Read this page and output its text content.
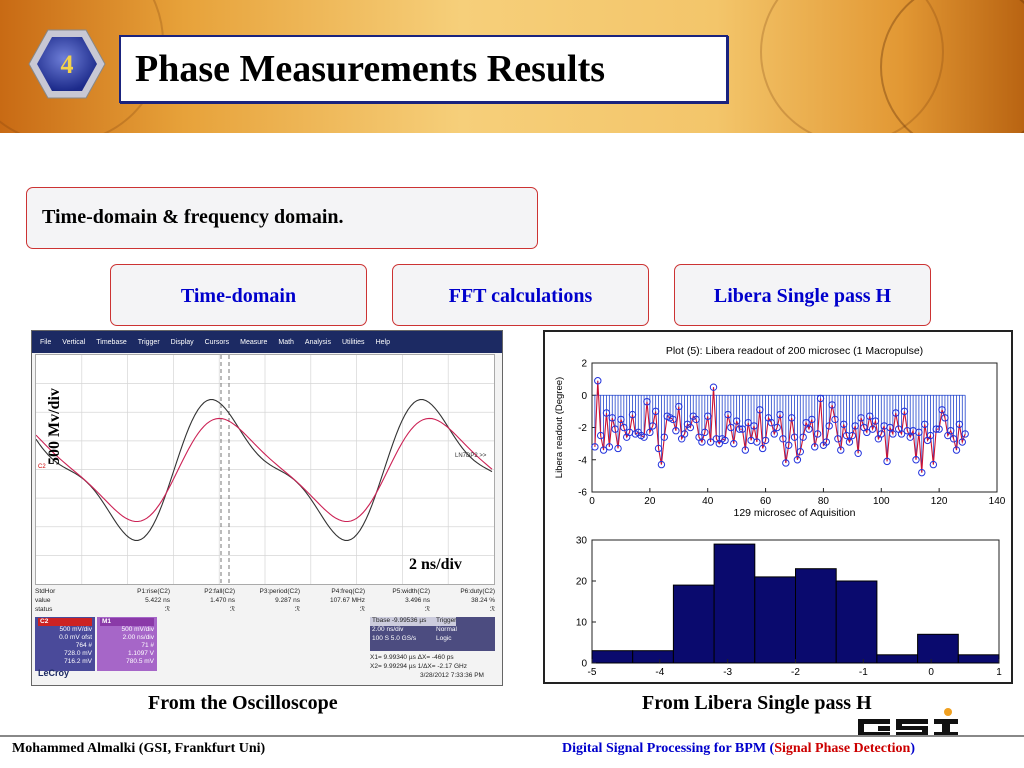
4	Phase Measurements Results
Time-domain & frequency domain.
Time-domain	FFT calculations	Libera Single pass H
File Vertical Timebase Trigger Display Cursors Measure Math Analysis Utilities Help
C2
500 Mv/div
2 ns/div
LN7DP2 >>
StdHor	P1:rise(C2)	P2:fall(C2)	P3:period(C2)	P4:freq(C2)	P5:width(C2)	P6:duty(C2)
value	5.422 ns	1.470 ns	9.287 ns	107.67 MHz	3.496 ns	38.24 %
status	ℛ	ℛ	ℛ	ℛ	ℛ	ℛ
C2
500 mV/div
0.0 mV ofst
764 #
728.0 mV
716.2 mV
M1
500 mV/div
2.00 ns/div
71 #
1.1097 V
780.5 mV
Tbase -9.99536 µs	Trigger
2.00 ns/div	Normal
100 S 5.0 GS/s	Logic
X1= 9.99340 µs ΔX= -460 ps
X2= 9.99294 µs 1/ΔX= -2.17 GHz
LeCroy	3/28/2012 7:33:36 PM
Plot (5): Libera readout of 200 microsec (1 Macropulse)
0	20	40	60	80	100	120	140
-6
-4
-2
0
2
129 microsec of Aquisition
Libera readout (Degree)
-5	-4	-3	-2	-1	0	1
0
10
20
30
From the Oscilloscope	From Libera Single pass H
Mohammed Almalki (GSI, Frankfurt Uni)	Digital Signal Processing for BPM (Signal Phase Detection)
